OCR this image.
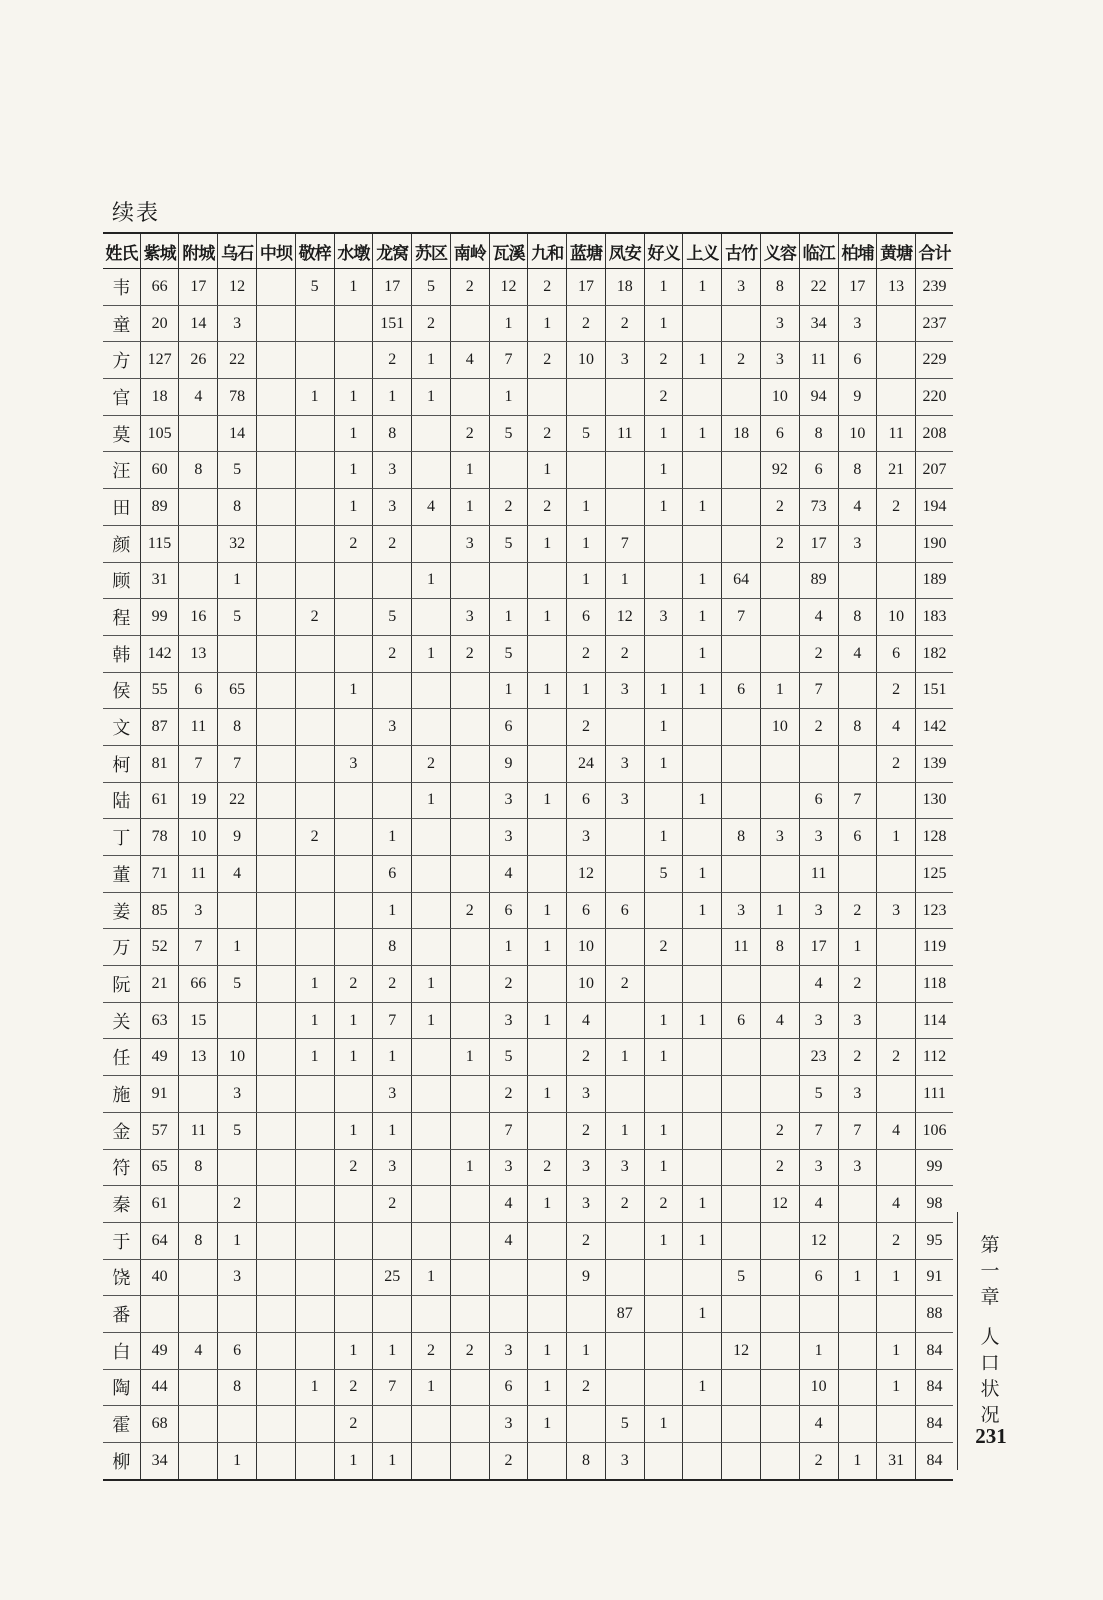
续表
姓氏	紫城	附城	乌石	中坝	敬梓	水墩	龙窝	苏区	南岭	瓦溪	九和	蓝塘	凤安	好义	上义	古竹	义容	临江	柏埔	黄塘	合计
韦	66	17	12		5	1	17	5	2	12	2	17	18	1	1	3	8	22	17	13	239
童	20	14	3				151	2		1	1	2	2	1			3	34	3		237
方	127	26	22				2	1	4	7	2	10	3	2	1	2	3	11	6		229
官	18	4	78		1	1	1	1		1				2			10	94	9		220
莫	105		14			1	8		2	5	2	5	11	1	1	18	6	8	10	11	208
汪	60	8	5			1	3		1		1			1			92	6	8	21	207
田	89		8			1	3	4	1	2	2	1		1	1		2	73	4	2	194
颜	115		32			2	2		3	5	1	1	7				2	17	3		190
顾	31		1					1				1	1		1	64		89			189
程	99	16	5		2		5		3	1	1	6	12	3	1	7		4	8	10	183
韩	142	13					2	1	2	5		2	2		1			2	4	6	182
侯	55	6	65			1				1	1	1	3	1	1	6	1	7		2	151
文	87	11	8				3			6		2		1			10	2	8	4	142
柯	81	7	7			3		2		9		24	3	1						2	139
陆	61	19	22					1		3	1	6	3		1			6	7		130
丁	78	10	9		2		1			3		3		1		8	3	3	6	1	128
董	71	11	4				6			4		12		5	1			11			125
姜	85	3					1		2	6	1	6	6		1	3	1	3	2	3	123
万	52	7	1				8			1	1	10		2		11	8	17	1		119
阮	21	66	5		1	2	2	1		2		10	2					4	2		118
关	63	15			1	1	7	1		3	1	4		1	1	6	4	3	3		114
任	49	13	10		1	1	1		1	5		2	1	1				23	2	2	112
施	91		3				3			2	1	3						5	3		111
金	57	11	5			1	1			7		2	1	1			2	7	7	4	106
符	65	8				2	3		1	3	2	3	3	1			2	3	3		99
秦	61		2				2			4	1	3	2	2	1		12	4		4	98
于	64	8	1							4		2		1	1			12		2	95
饶	40		3				25	1				9				5		6	1	1	91
番													87		1						88
白	49	4	6			1	1	2	2	3	1	1				12		1		1	84
陶	44		8		1	2	7	1		6	1	2			1			10		1	84
霍	68					2				3	1		5	1				4			84
柳	34		1			1	1			2		8	3					2	1	31	84
第
一
章
人
口
状
况
231
